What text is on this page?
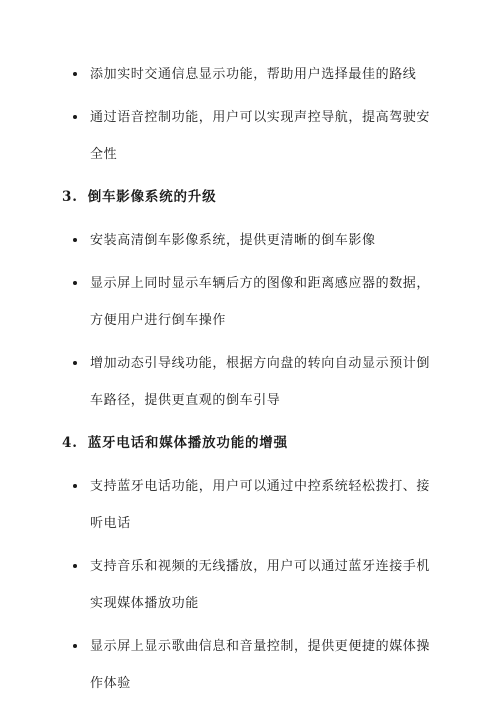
添加实时交通信息显示功能，帮助用户选择最佳的路线

通过语音控制功能，用户可以实现声控导航，提高驾驶安全性

3. 倒车影像系统的升级

安装高清倒车影像系统，提供更清晰的倒车影像

显示屏上同时显示车辆后方的图像和距离感应器的数据，方便用户进行倒车操作

增加动态引导线功能，根据方向盘的转向自动显示预计倒车路径，提供更直观的倒车引导

4. 蓝牙电话和媒体播放功能的增强

支持蓝牙电话功能，用户可以通过中控系统轻松拨打、接听电话

支持音乐和视频的无线播放，用户可以通过蓝牙连接手机实现媒体播放功能

显示屏上显示歌曲信息和音量控制，提供更便捷的媒体操作体验
